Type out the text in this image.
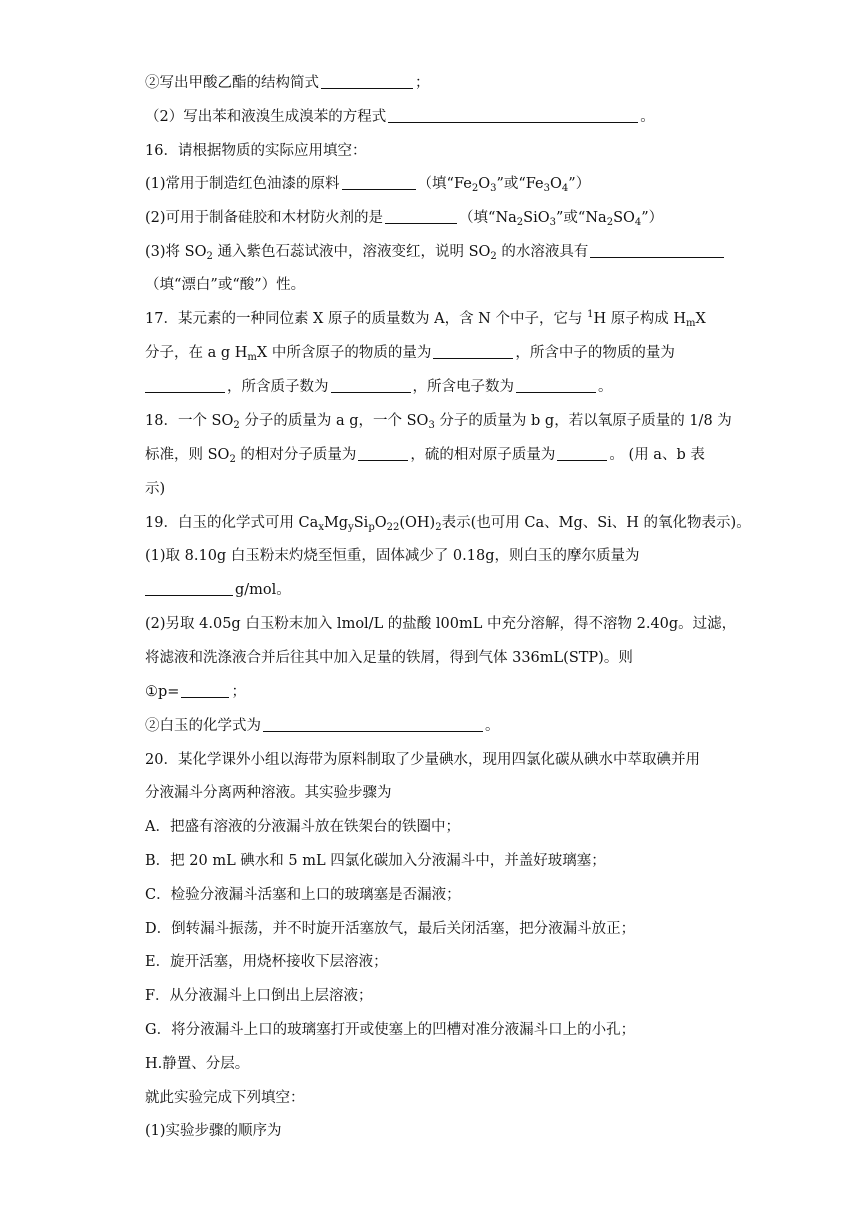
②写出甲酸乙酯的结构简式	；
（2）写出苯和液溴生成溴苯的方程式	。
16．请根据物质的实际应用填空：
(1)常用于制造红色油漆的原料	（填“$Fe_2O_3$”或“$Fe_3O_4$”）
(2)可用于制备硅胶和木材防火剂的是	（填“$Na_2SiO_3$”或“$Na_2SO_4$”）
(3)将 $SO_2$ 通入紫色石蕊试液中，溶液变红，说明 $SO_2$ 的水溶液具有
（填“漂白”或“酸”）性。
17．某元素的一种同位素 X 原子的质量数为 A，含 N 个中子，它与 $^1$H 原子构成 $H_mX$
分子，在 a g $H_mX$ 中所含原子的物质的量为	，所含中子的物质的量为
，所含质子数为	，所含电子数为	。
18．一个 $SO_2$ 分子的质量为 a g，一个 $SO_3$ 分子的质量为 b g，若以氧原子质量的 1/8 为
标准，则 $SO_2$ 的相对分子质量为	，硫的相对原子质量为	。 (用 a、b 表
示)
19．白玉的化学式可用 $Ca_xMg_ySi_pO_{22}(OH)_2$表示(也可用 Ca、Mg、Si、H 的氧化物表示)。
(1)取 8.10g 白玉粉末灼烧至恒重，固体减少了 0.18g，则白玉的摩尔质量为
g/mol。
(2)另取 4.05g 白玉粉末加入 lmol/L 的盐酸 l00mL 中充分溶解，得不溶物 2.40g。过滤，
将滤液和洗涤液合并后往其中加入足量的铁屑，得到气体 336mL(STP)。则
①p=	；
②白玉的化学式为	。
20．某化学课外小组以海带为原料制取了少量碘水，现用四氯化碳从碘水中萃取碘并用
分液漏斗分离两种溶液。其实验步骤为
A．把盛有溶液的分液漏斗放在铁架台的铁圈中；
B．把 20 mL 碘水和 5 mL 四氯化碳加入分液漏斗中，并盖好玻璃塞；
C．检验分液漏斗活塞和上口的玻璃塞是否漏液；
D．倒转漏斗振荡，并不时旋开活塞放气，最后关闭活塞，把分液漏斗放正；
E．旋开活塞，用烧杯接收下层溶液；
F．从分液漏斗上口倒出上层溶液；
G．将分液漏斗上口的玻璃塞打开或使塞上的凹槽对准分液漏斗口上的小孔；
H.静置、分层。
就此实验完成下列填空：
(1)实验步骤的顺序为
